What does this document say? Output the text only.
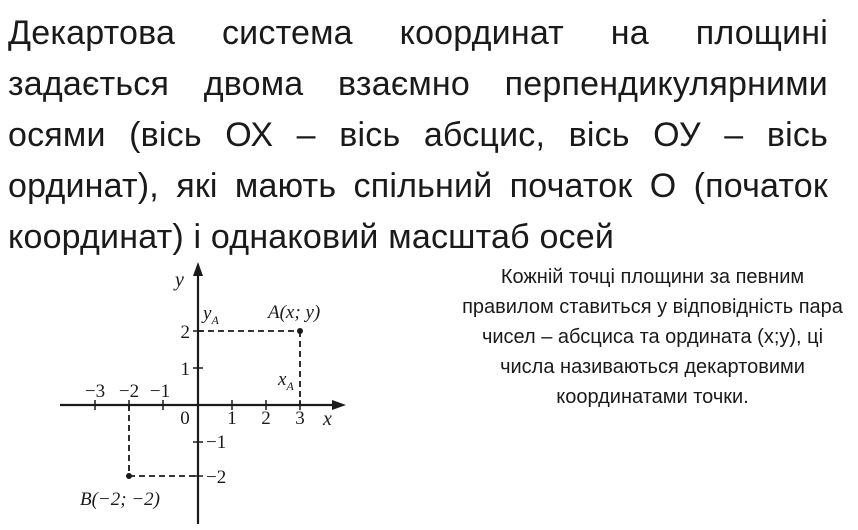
Декартова система координат на площині задається двома взаємно перпендикулярними осями (вісь ОХ – вісь абсцис, вісь ОУ – вісь ординат), які мають спільний початок О (початок координат) і однаковий масштаб осей

y
x
−3 −2 −1
0 1 2 3
2
1
−1
−2
A(x; y)
B(−2; −2)
$y_A$
$x_A$

Кожній точці площини за певним правилом ставиться у відповідність пара чисел – абсциса та ордината (x;y), ці числа називаються декартовими координатами точки.
